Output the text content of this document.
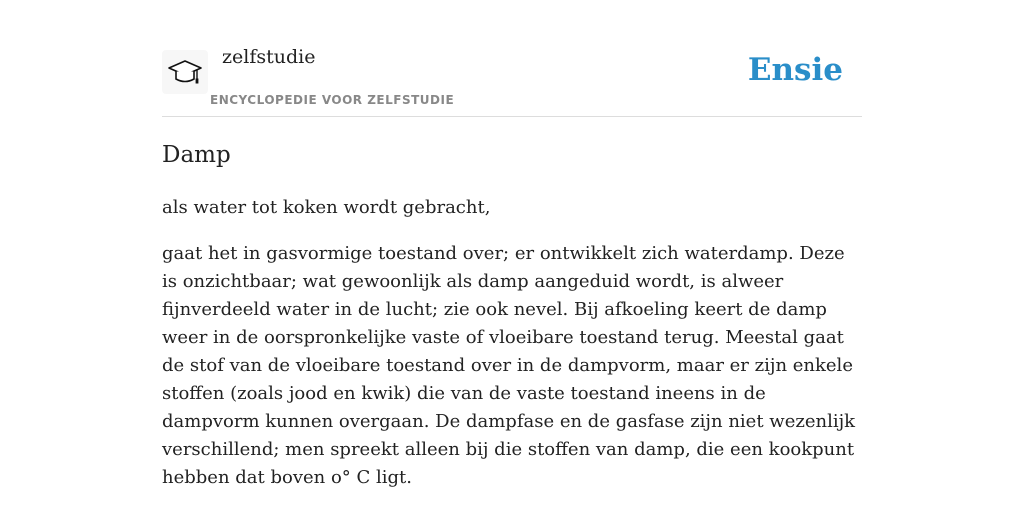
zelfstudie
ENCYCLOPEDIE VOOR ZELFSTUDIE
Ensie
Damp

als water tot koken wordt gebracht,

gaat het in gasvormige toestand over; er ontwikkelt zich waterdamp. Deze is onzichtbaar; wat gewoonlijk als damp aangeduid wordt, is alweer fijnverdeeld water in de lucht; zie ook nevel. Bij afkoeling keert de damp weer in de oorspronkelijke vaste of vloeibare toestand terug. Meestal gaat de stof van de vloeibare toestand over in de dampvorm, maar er zijn enkele stoffen (zoals jood en kwik) die van de vaste toestand ineens in de dampvorm kunnen overgaan. De dampfase en de gasfase zijn niet wezenlijk verschillend; men spreekt alleen bij die stoffen van damp, die een kookpunt hebben dat boven o° C ligt.
